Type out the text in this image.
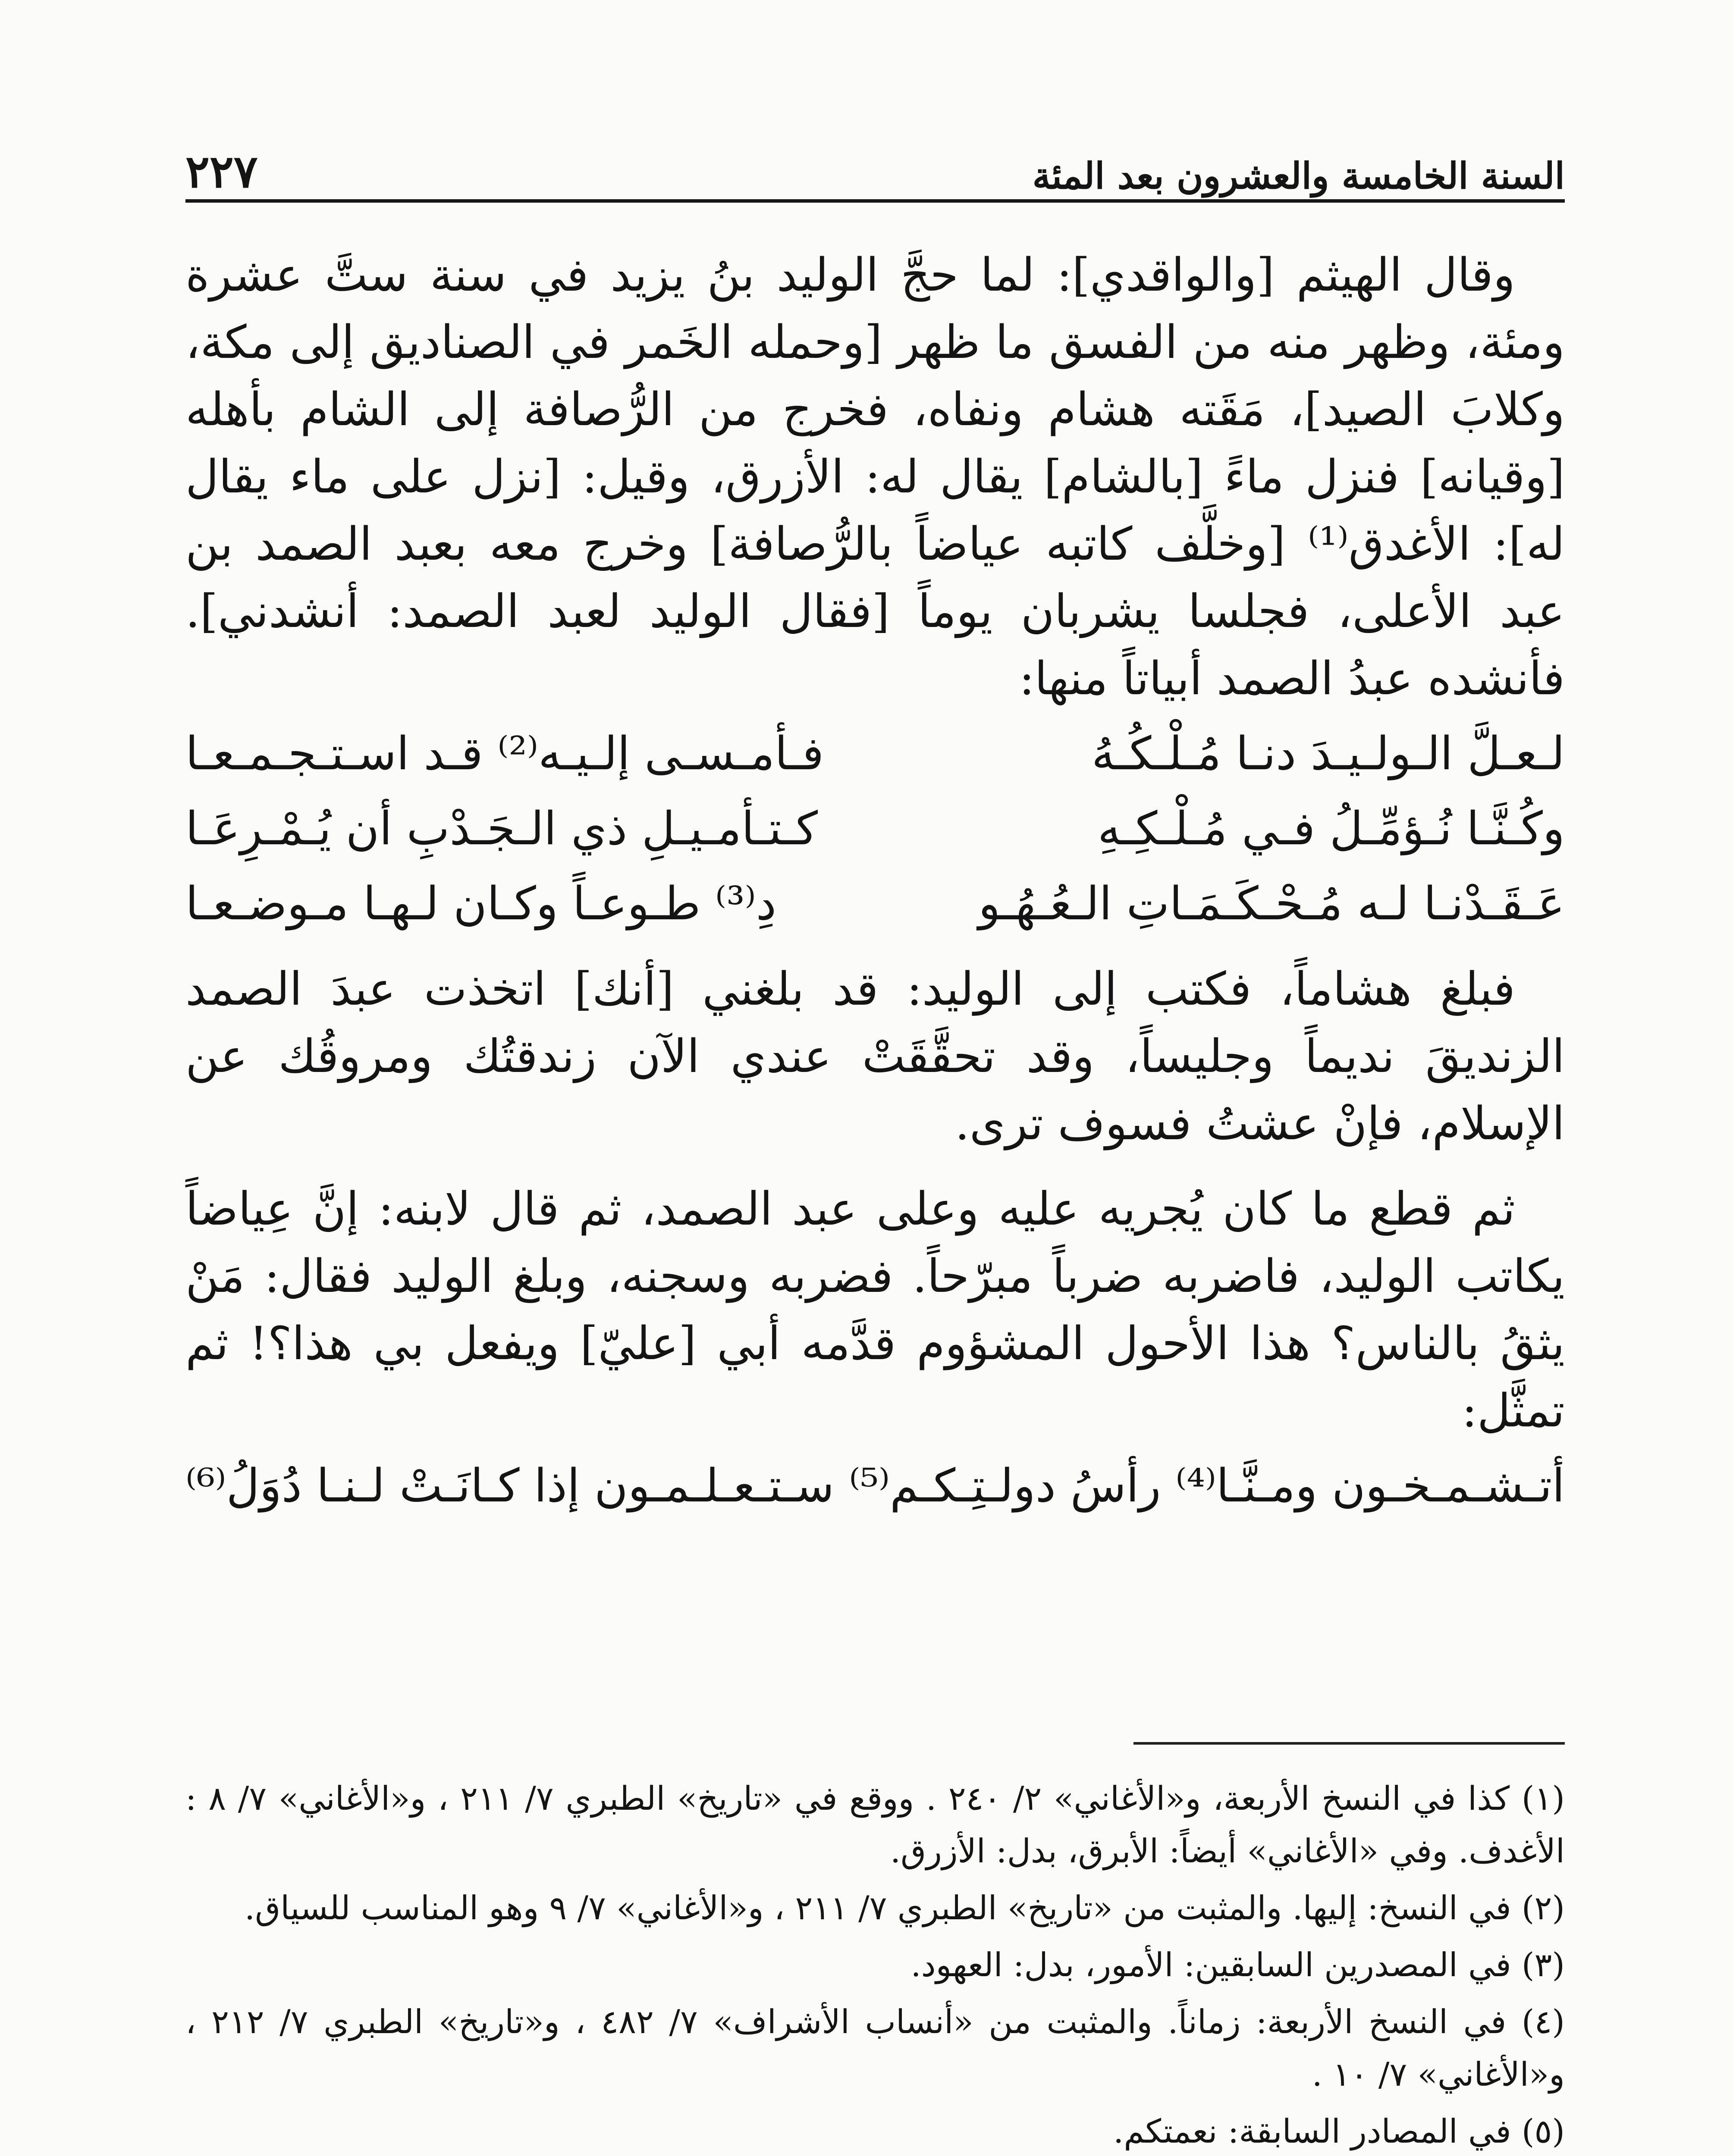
السنة الخامسة والعشرون بعد المئة
٢٢٧

وقال الهيثم [والواقدي]: لما حجَّ الوليد بنُ يزيد في سنة ستَّ عشرة ومئة، وظهر منه من الفسق ما ظهر [وحمله الخَمر في الصناديق إلى مكة، وكلابَ الصيد]، مَقَته هشام ونفاه، فخرج من الرُّصافة إلى الشام بأهله [وقيانه] فنزل ماءً [بالشام] يقال له: الأزرق، وقيل: [نزل على ماء يقال له]: الأغدق⁽¹⁾ [وخلَّف كاتبه عياضاً بالرُّصافة] وخرج معه بعبد الصمد بن عبد الأعلى، فجلسا يشربان يوماً [فقال الوليد لعبد الصمد: أنشدني]. فأنشده عبدُ الصمد أبياتاً منها:

لـعـلَّ الـولـيـدَ دنـا مُـلْـكُـهُ
فـأمـسـى إلـيـه⁽²⁾ قـد اسـتـجـمـعـا
وكُـنَّـا نُـؤمِّـلُ فـي مُـلْـكِـهِ
كـتـأمـيـلِ ذي الـجَـدْبِ أن يُـمْـرِعَـا
عَـقَـدْنـا لـه مُـحْـكَـمَـاتِ الـعُـهُـو
دِ⁽³⁾ طـوعـاً وكـان لـهـا مـوضـعـا

فبلغ هشاماً، فكتب إلى الوليد: قد بلغني [أنك] اتخذت عبدَ الصمد الزنديقَ نديماً وجليساً، وقد تحقَّقَتْ عندي الآن زندقتُك ومروقُك عن الإسلام، فإنْ عشتُ فسوف ترى.

ثم قطع ما كان يُجريه عليه وعلى عبد الصمد، ثم قال لابنه: إنَّ عِياضاً يكاتب الوليد، فاضربه ضرباً مبرّحاً. فضربه وسجنه، وبلغ الوليد فقال: مَنْ يثقُ بالناس؟ هذا الأحول المشؤوم قدَّمه أبي [عليّ] ويفعل بي هذا؟! ثم تمثَّل:

أتـشـمـخـون ومـنَّـا⁽⁴⁾ رأسُ دولـتِـكـم⁽⁵⁾
سـتـعـلـمـون إذا كـانَـتْ لـنـا دُوَلُ⁽⁶⁾

(١) كذا في النسخ الأربعة، و«الأغاني» ٢/ ٢٤٠ . ووقع في «تاريخ» الطبري ٧/ ٢١١ ، و«الأغاني» ٧/ ٨ : الأغدف. وفي «الأغاني» أيضاً: الأبرق، بدل: الأزرق.

(٢) في النسخ: إليها. والمثبت من «تاريخ» الطبري ٧/ ٢١١ ، و«الأغاني» ٧/ ٩ وهو المناسب للسياق.

(٣) في المصدرين السابقين: الأمور، بدل: العهود.

(٤) في النسخ الأربعة: زماناً. والمثبت من «أنساب الأشراف» ٧/ ٤٨٢ ، و«تاريخ» الطبري ٧/ ٢١٢ ، و«الأغاني» ٧/ ١٠ .

(٥) في المصادر السابقة: نعمتكم.
